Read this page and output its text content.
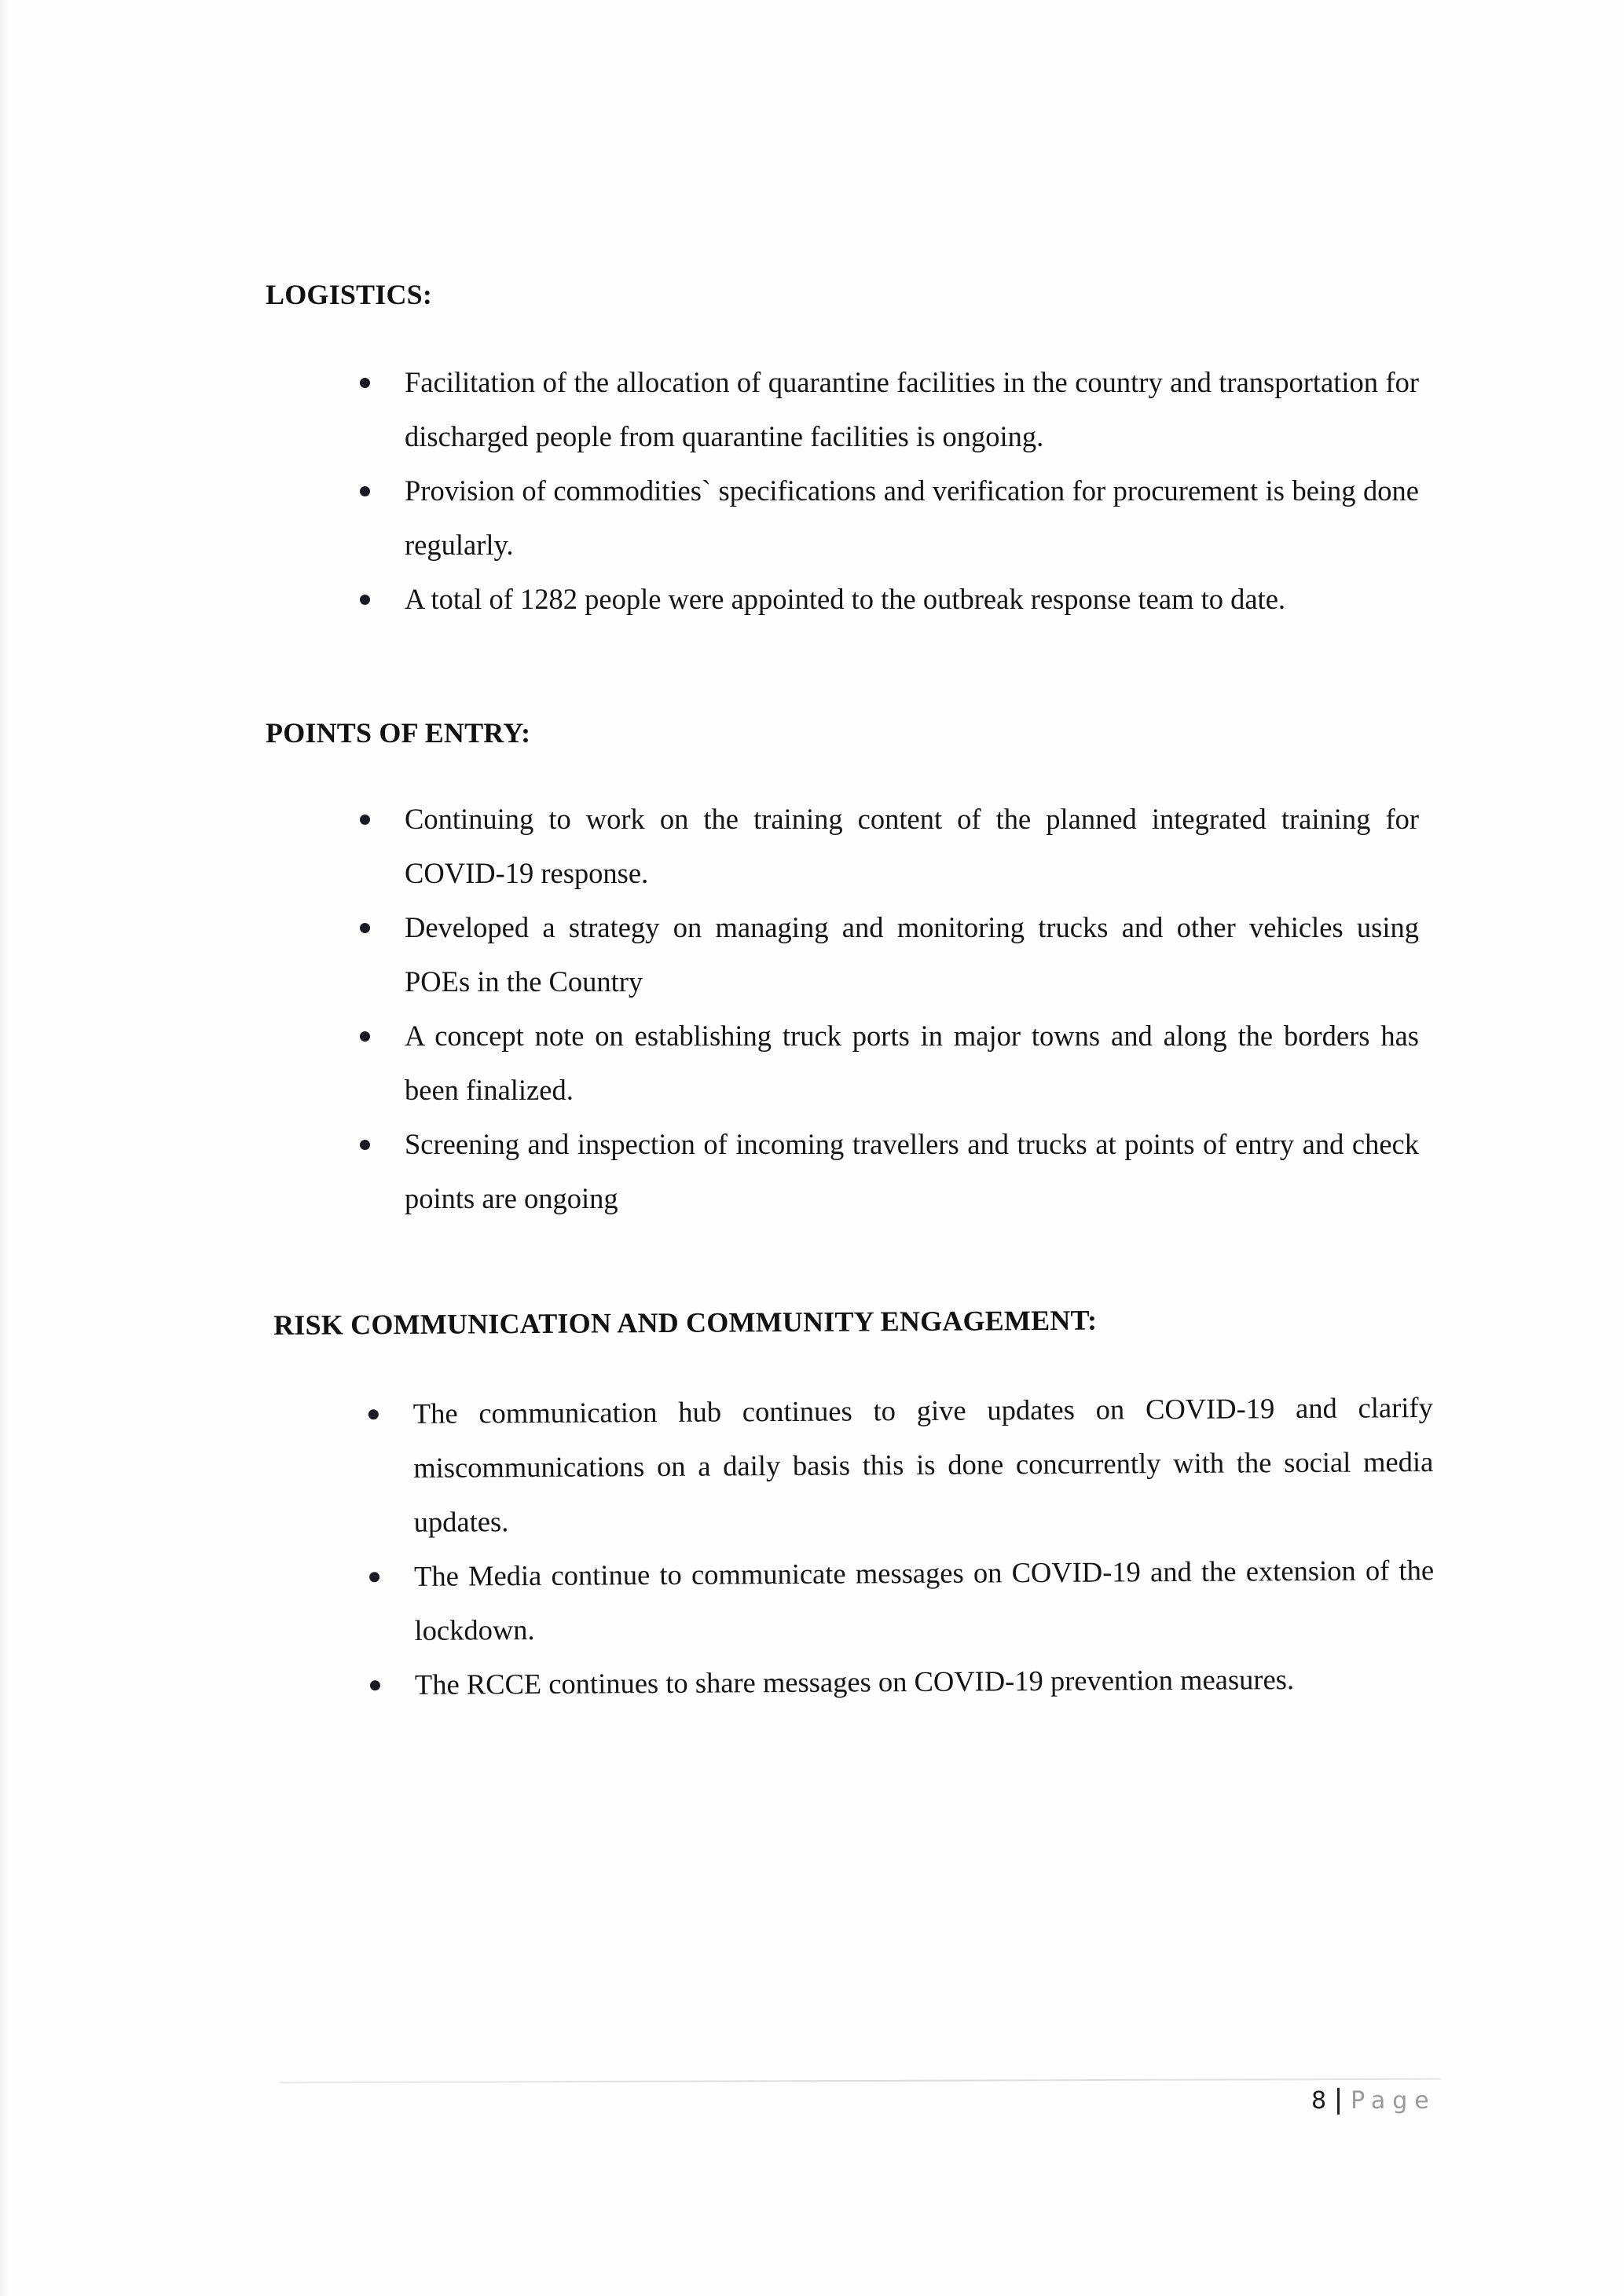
LOGISTICS:
Facilitation of the allocation of quarantine facilities in the country and transportation for discharged people from quarantine facilities is ongoing.
Provision of commodities` specifications and verification for procurement is being done regularly.
A total of 1282 people were appointed to the outbreak response team to date.
POINTS OF ENTRY:
Continuing to work on the training content of the planned integrated training for COVID-19 response.
Developed a strategy on managing and monitoring trucks and other vehicles using POEs in the Country
A concept note on establishing truck ports in major towns and along the borders has been finalized.
Screening and inspection of incoming travellers and trucks at points of entry and check points are ongoing
RISK COMMUNICATION AND COMMUNITY ENGAGEMENT:
The communication hub continues to give updates on COVID-19 and clarify miscommunications on a daily basis this is done concurrently with the social media updates.
The Media continue to communicate messages on COVID-19 and the extension of the lockdown.
The RCCE continues to share messages on COVID-19 prevention measures.
8 Page
